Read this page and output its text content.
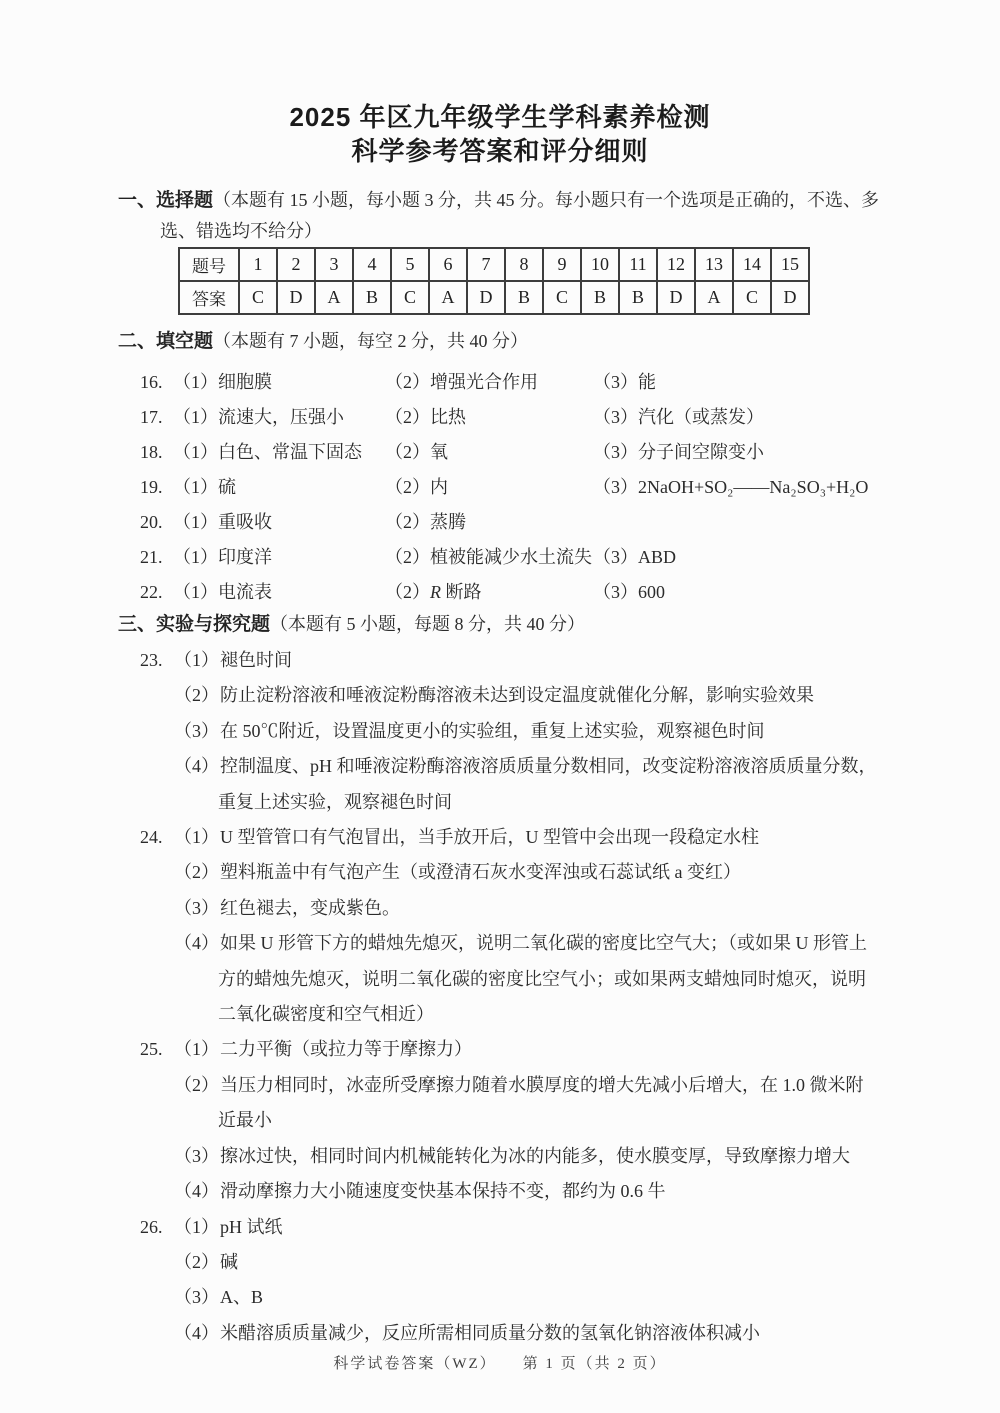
2025 年区九年级学生学科素养检测
科学参考答案和评分细则
一、选择题（本题有 15 小题，每小题 3 分，共 45 分。每小题只有一个选项是正确的，不选、多
选、错选均不给分）
题号	1	2	3	4	5	6	7	8	9	10	11	12	13	14	15
答案	C	D	A	B	C	A	D	B	C	B	B	D	A	C	D
二、填空题（本题有 7 小题，每空 2 分，共 40 分）
16. （1）细胞膜	（2）增强光合作用	（3）能
17. （1）流速大，压强小	（2）比热	（3）汽化（或蒸发）
18. （1）白色、常温下固态	（2）氧	（3）分子间空隙变小
19. （1）硫	（2）内	（3）2NaOH+SO₂——Na₂SO₃+H₂O
20. （1）重吸收	（2）蒸腾
21. （1）印度洋	（2）植被能减少水土流失 （3）ABD
22. （1）电流表	（2）R 断路	（3）600
三、实验与探究题（本题有 5 小题，每题 8 分，共 40 分）
23. （1） 褪色时间
（2） 防止淀粉溶液和唾液淀粉酶溶液未达到设定温度就催化分解，影响实验效果
（3） 在 50℃附近，设置温度更小的实验组，重复上述实验，观察褪色时间
（4） 控制温度、pH 和唾液淀粉酶溶液溶质质量分数相同，改变淀粉溶液溶质质量分数，
重复上述实验，观察褪色时间
24. （1） U 型管管口有气泡冒出，当手放开后，U 型管中会出现一段稳定水柱
（2） 塑料瓶盖中有气泡产生（或澄清石灰水变浑浊或石蕊试纸 a 变红）
（3） 红色褪去，变成紫色。
（4） 如果 U 形管下方的蜡烛先熄灭，说明二氧化碳的密度比空气大；（或如果 U 形管上
方的蜡烛先熄灭，说明二氧化碳的密度比空气小；或如果两支蜡烛同时熄灭，说明
二氧化碳密度和空气相近）
25. （1） 二力平衡（或拉力等于摩擦力）
（2） 当压力相同时，冰壶所受摩擦力随着水膜厚度的增大先减小后增大，在 1.0 微米附
近最小
（3） 擦冰过快，相同时间内机械能转化为冰的内能多，使水膜变厚，导致摩擦力增大
（4） 滑动摩擦力大小随速度变快基本保持不变，都约为 0.6 牛
26. （1） pH 试纸
（2） 碱
（3） A、B
（4） 米醋溶质质量减少，反应所需相同质量分数的氢氧化钠溶液体积减小
科学试卷答案（WZ） 第 1 页（共 2 页）
